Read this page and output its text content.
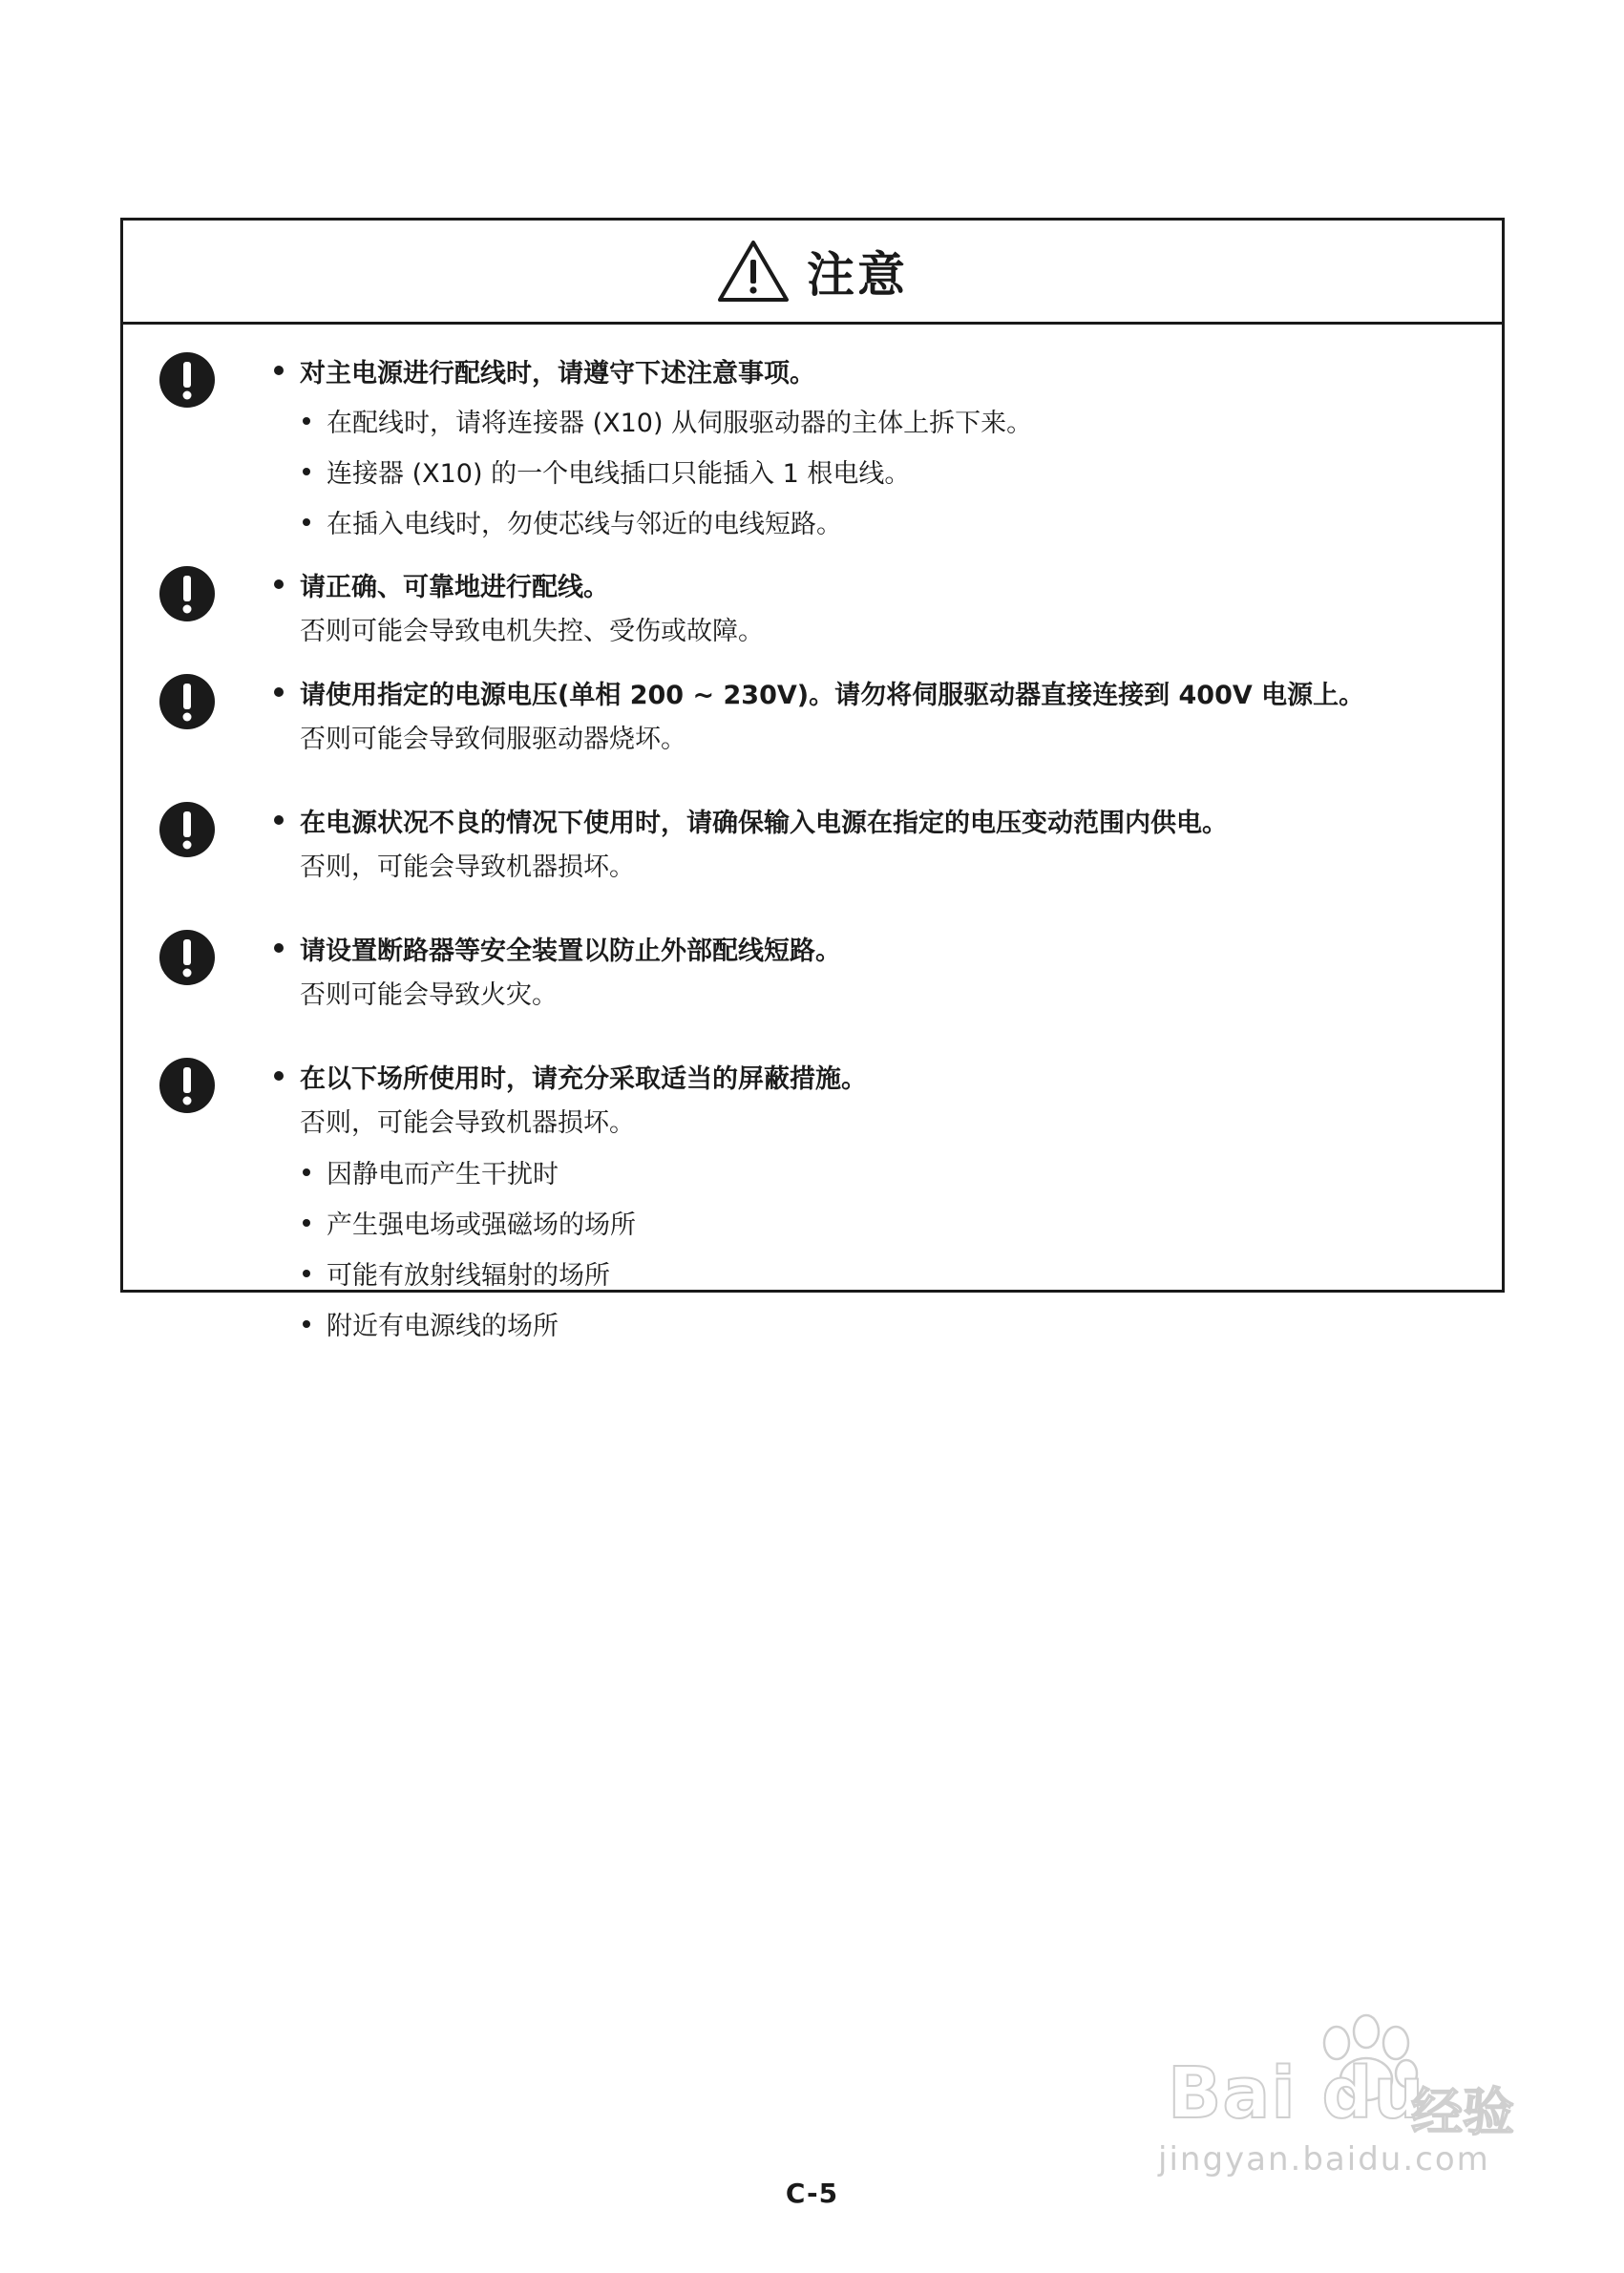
注意
对主电源进行配线时，请遵守下述注意事项。
在配线时，请将连接器 (X10) 从伺服驱动器的主体上拆下来。
连接器 (X10) 的一个电线插口只能插入 1 根电线。
在插入电线时，勿使芯线与邻近的电线短路。
请正确、可靠地进行配线。
否则可能会导致电机失控、受伤或故障。
请使用指定的电源电压(单相 200 ~ 230V)。请勿将伺服驱动器直接连接到 400V 电源上。
否则可能会导致伺服驱动器烧坏。
在电源状况不良的情况下使用时，请确保输入电源在指定的电压变动范围内供电。
否则，可能会导致机器损坏。
请设置断路器等安全装置以防止外部配线短路。
否则可能会导致火灾。
在以下场所使用时，请充分采取适当的屏蔽措施。
否则，可能会导致机器损坏。
因静电而产生干扰时
产生强电场或强磁场的场所
可能有放射线辐射的场所
附近有电源线的场所
Bai du
经验
jingyan.baidu.com
C-5
